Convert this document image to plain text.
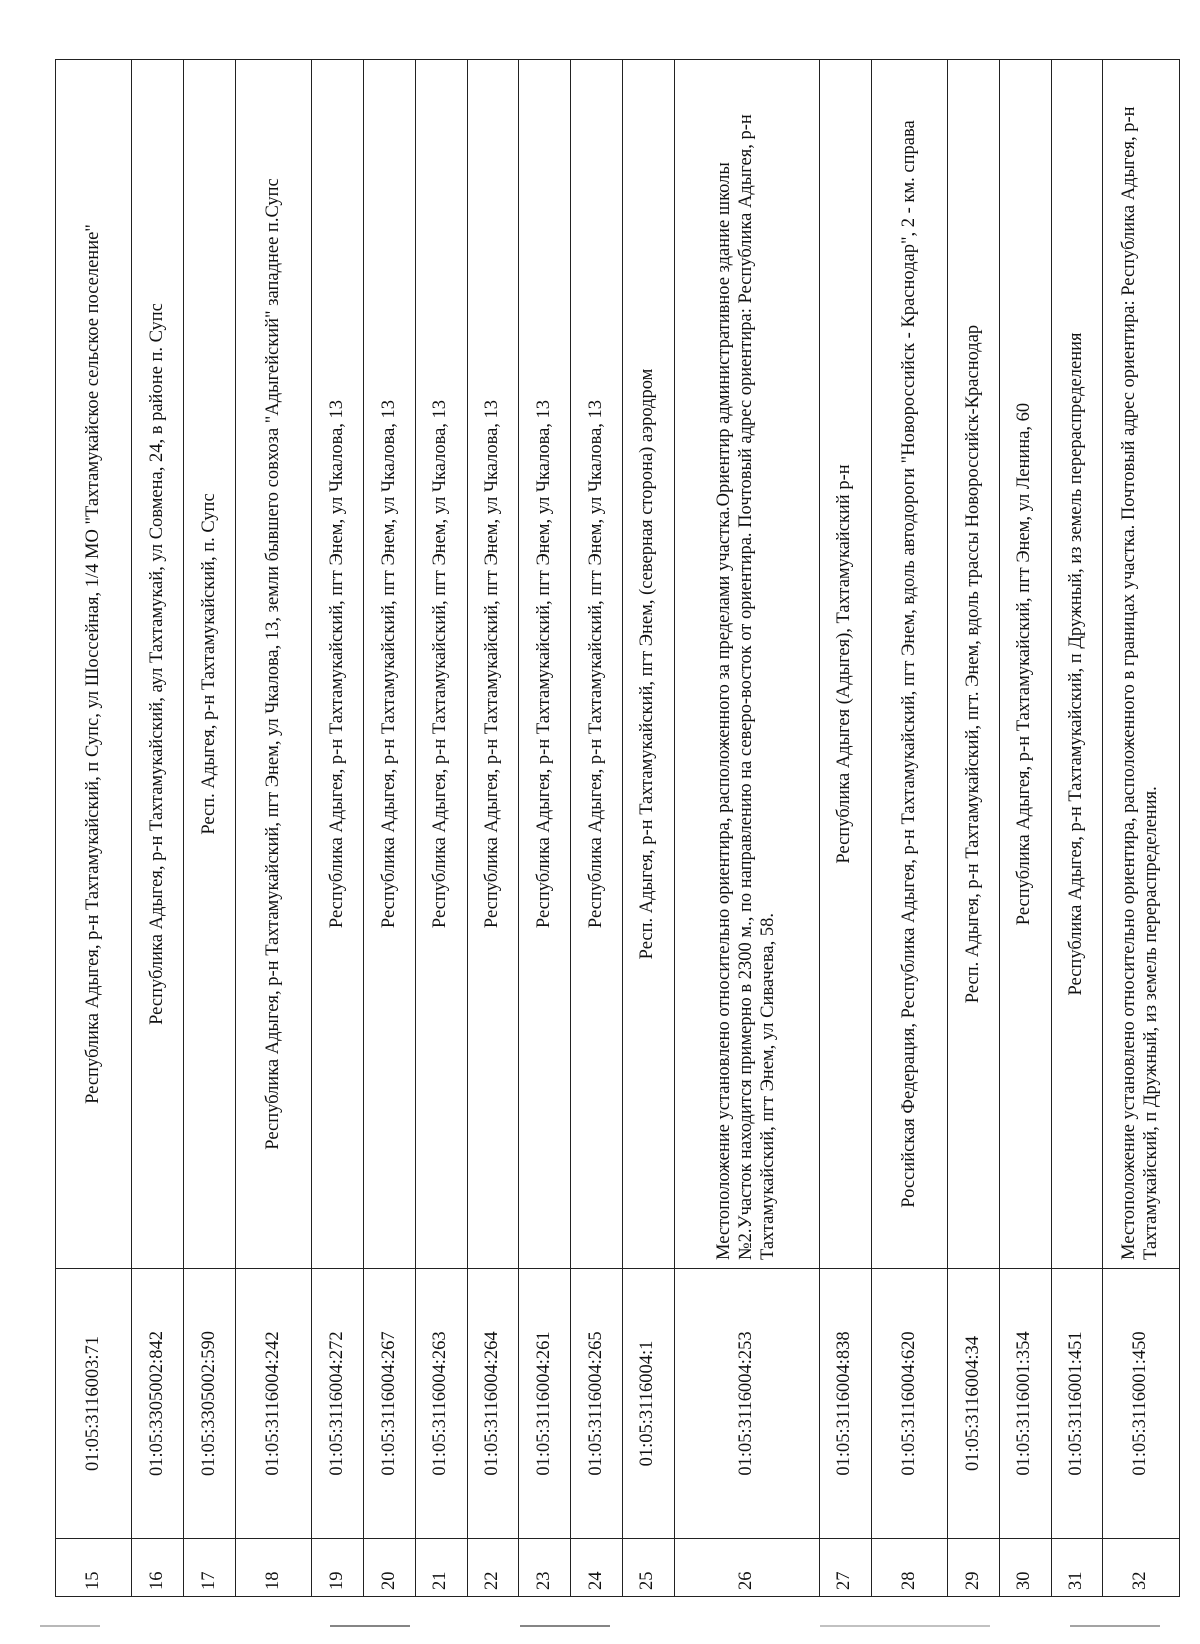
15	01:05:3116003:71	Республика Адыгея, р-н Тахтамукайский, п Супс, ул Шоссейная, 1/4 МО "Тахтамукайское сельское поселение"
16	01:05:3305002:842	Республика Адыгея, р-н Тахтамукайский, аул Тахтамукай, ул Совмена, 24, в районе п. Супс
17	01:05:3305002:590	Респ. Адыгея, р-н Тахтамукайский, п. Супс
18	01:05:3116004:242	Республика Адыгея, р-н Тахтамукайский, пгт Энем, ул Чкалова, 13, земли бывшего совхоза "Адыгейский" западнее п.Супс
19	01:05:3116004:272	Республика Адыгея, р-н Тахтамукайский, пгт Энем, ул Чкалова, 13
20	01:05:3116004:267	Республика Адыгея, р-н Тахтамукайский, пгт Энем, ул Чкалова, 13
21	01:05:3116004:263	Республика Адыгея, р-н Тахтамукайский, пгт Энем, ул Чкалова, 13
22	01:05:3116004:264	Республика Адыгея, р-н Тахтамукайский, пгт Энем, ул Чкалова, 13
23	01:05:3116004:261	Республика Адыгея, р-н Тахтамукайский, пгт Энем, ул Чкалова, 13
24	01:05:3116004:265	Республика Адыгея, р-н Тахтамукайский, пгт Энем, ул Чкалова, 13
25	01:05:3116004:1	Респ. Адыгея, р-н Тахтамукайский, пгт Энем, (северная сторона) аэродром
26	01:05:3116004:253	Местоположение установлено относительно ориентира, расположенного за пределами участка.Ориентир административное здание школы №2.Участок находится примерно в 2300 м., по направлению на северо-восток от ориентира. Почтовый адрес ориентира: Республика Адыгея, р-н Тахтамукайский, пгт Энем, ул Сивачева, 58.
27	01:05:3116004:838	Республика Адыгея (Адыгея), Тахтамукайский р-н
28	01:05:3116004:620	Российская Федерация, Республика Адыгея, р-н Тахтамукайский, пгт Энем, вдоль автодороги "Новороссийск - Краснодар", 2 - км. справа
29	01:05:3116004:34	Респ. Адыгея, р-н Тахтамукайский, пгт. Энем, вдоль трассы Новороссийск-Краснодар
30	01:05:3116001:354	Республика Адыгея, р-н Тахтамукайский, пгт Энем, ул Ленина, 60
31	01:05:3116001:451	Республика Адыгея, р-н Тахтамукайский, п Дружный, из земель перераспределения
32	01:05:3116001:450	Местоположение установлено относительно ориентира, расположенного в границах участка. Почтовый адрес ориентира: Республика Адыгея, р-н Тахтамукайский, п Дружный, из земель перераспределения.
